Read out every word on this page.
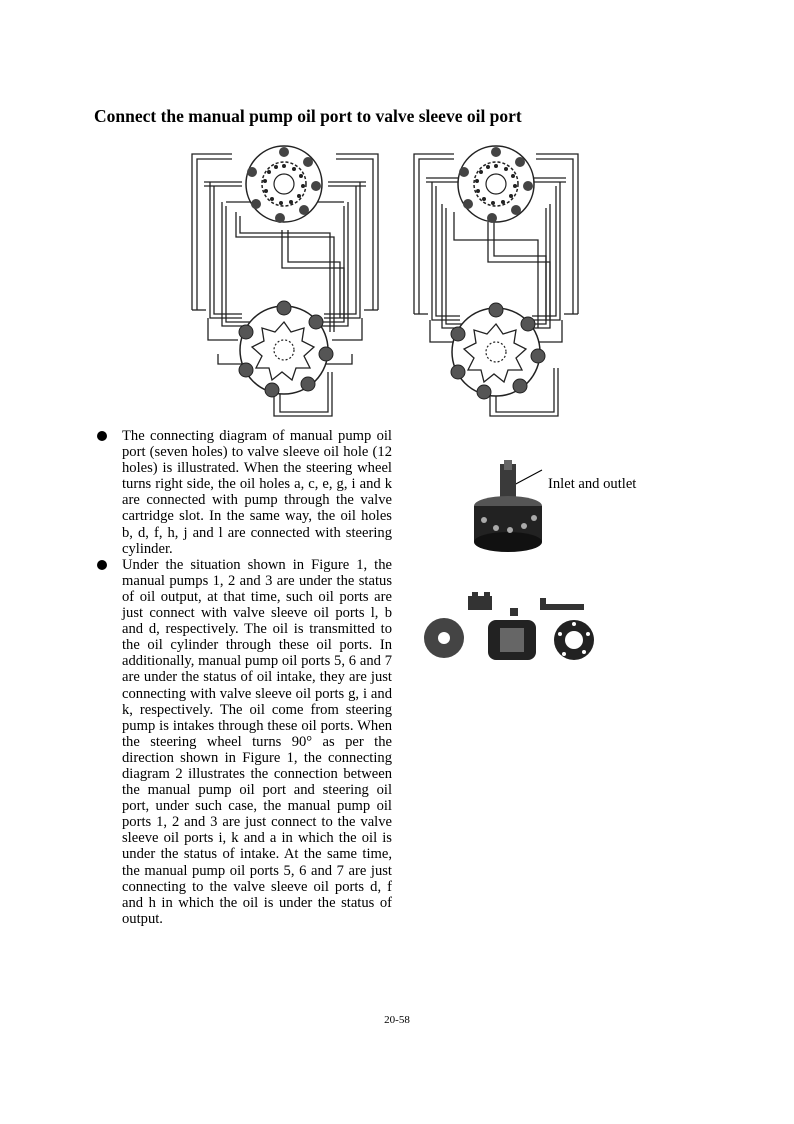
Connect the manual pump oil port to valve sleeve oil port
The connecting diagram of manual pump oil port (seven holes) to valve sleeve oil hole (12 holes) is illustrated. When the steering wheel turns right side, the oil holes a, c, e, g, i and k are connected with pump through the valve cartridge slot. In the same way, the oil holes b, d, f, h, j and l are connected with steering cylinder.
Under the situation shown in Figure 1, the manual pumps 1, 2 and 3 are under the status of oil output, at that time, such oil ports are just connect with valve sleeve oil ports l, b and d, respectively. The oil is transmitted to the oil cylinder through these oil ports. In additionally, manual pump oil ports 5, 6 and 7 are under the status of oil intake, they are just connecting with valve sleeve oil ports g, i and k, respectively. The oil come from steering pump is intakes through these oil ports. When the steering wheel turns 90° as per the direction shown in Figure 1, the connecting diagram 2 illustrates the connection between the manual pump oil port and steering oil port, under such case, the manual pump oil ports 1, 2 and 3 are just connect to the valve sleeve oil ports i, k and a in which the oil is under the status of intake. At the same time, the manual pump oil ports 5, 6 and 7 are just connecting to the valve sleeve oil ports d, f and h in which the oil is under the status of output.
Inlet and outlet
20-58
